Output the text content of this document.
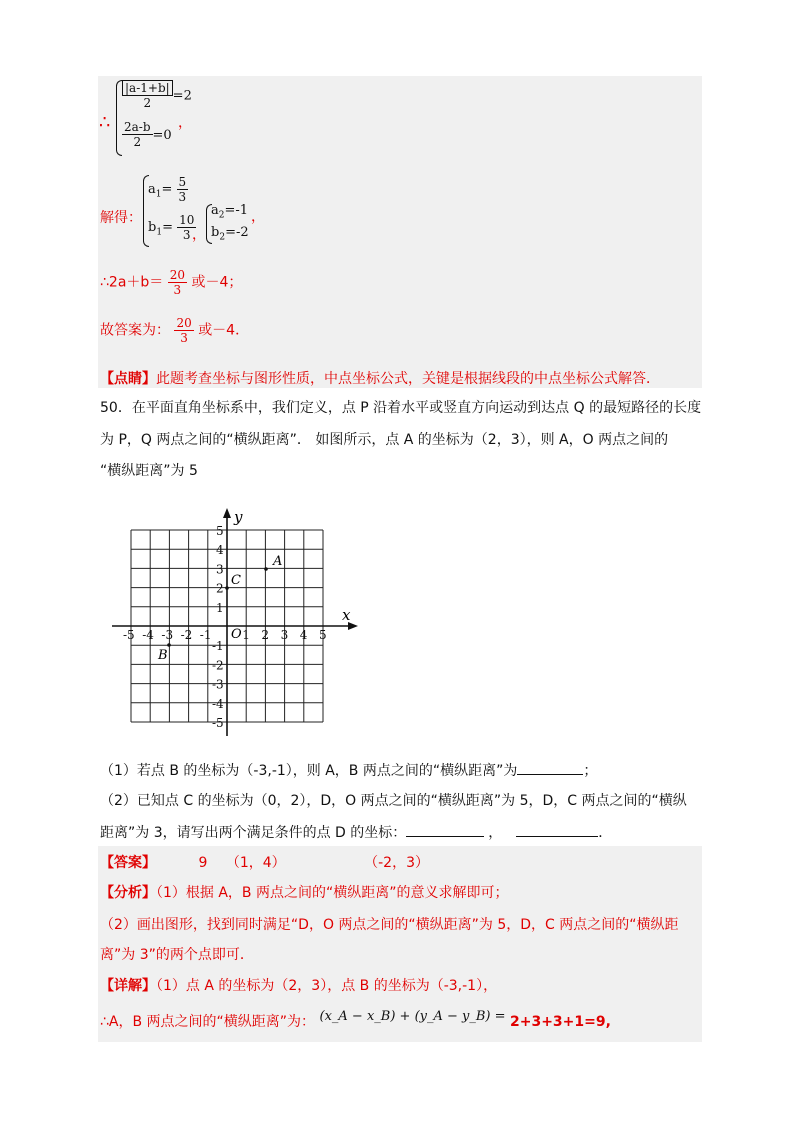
∴
$\frac{|a-1+b|}{2} =2$
$\frac{2a-b}{2} =0$
，
解得：
$a_1= \frac{5}{3}$
$b_1= \frac{10}{3}$
，
$a_2=-1$
$b_2=-2$
，
∴2a＋b＝ $\frac{20}{3}$ 或－4；
故答案为： $\frac{20}{3}$ 或－4．
【点睛】此题考查坐标与图形性质，中点坐标公式，关键是根据线段的中点坐标公式解答．
50．在平面直角坐标系中，我们定义，点 P 沿着水平或竖直方向运动到达点 Q 的最短路径的长度
为 P，Q 两点之间的“横纵距离”． 如图所示，点 A 的坐标为（2，3），则 A，O 两点之间的
“横纵距离”为 5
x
y
O
-5 -4 -3 -2 -1	1 2 3 4 5
5
4
3
2
1
-1
-2
-3
-4
-5
A
B
C
（1）若点 B 的坐标为（-3,-1），则 A，B 两点之间的“横纵距离”为	；
（2）已知点 C 的坐标为（0，2），D，O 两点之间的“横纵距离”为 5，D，C 两点之间的“横纵
距离”为 3，请写出两个满足条件的点 D 的坐标：	，	．
【答案】	9 （1，4）	（-2，3）
【分析】（1）根据 A，B 两点之间的“横纵距离”的意义求解即可；
（2）画出图形，找到同时满足“D，O 两点之间的“横纵距离”为 5，D，C 两点之间的“横纵距
离”为 3”的两个点即可．
【详解】（1）点 A 的坐标为（2，3），点 B 的坐标为（-3,-1），
∴A，B 两点之间的“横纵距离”为： (x_A − x_B) + (y_A − y_B) = 2+3+3+1=9,
